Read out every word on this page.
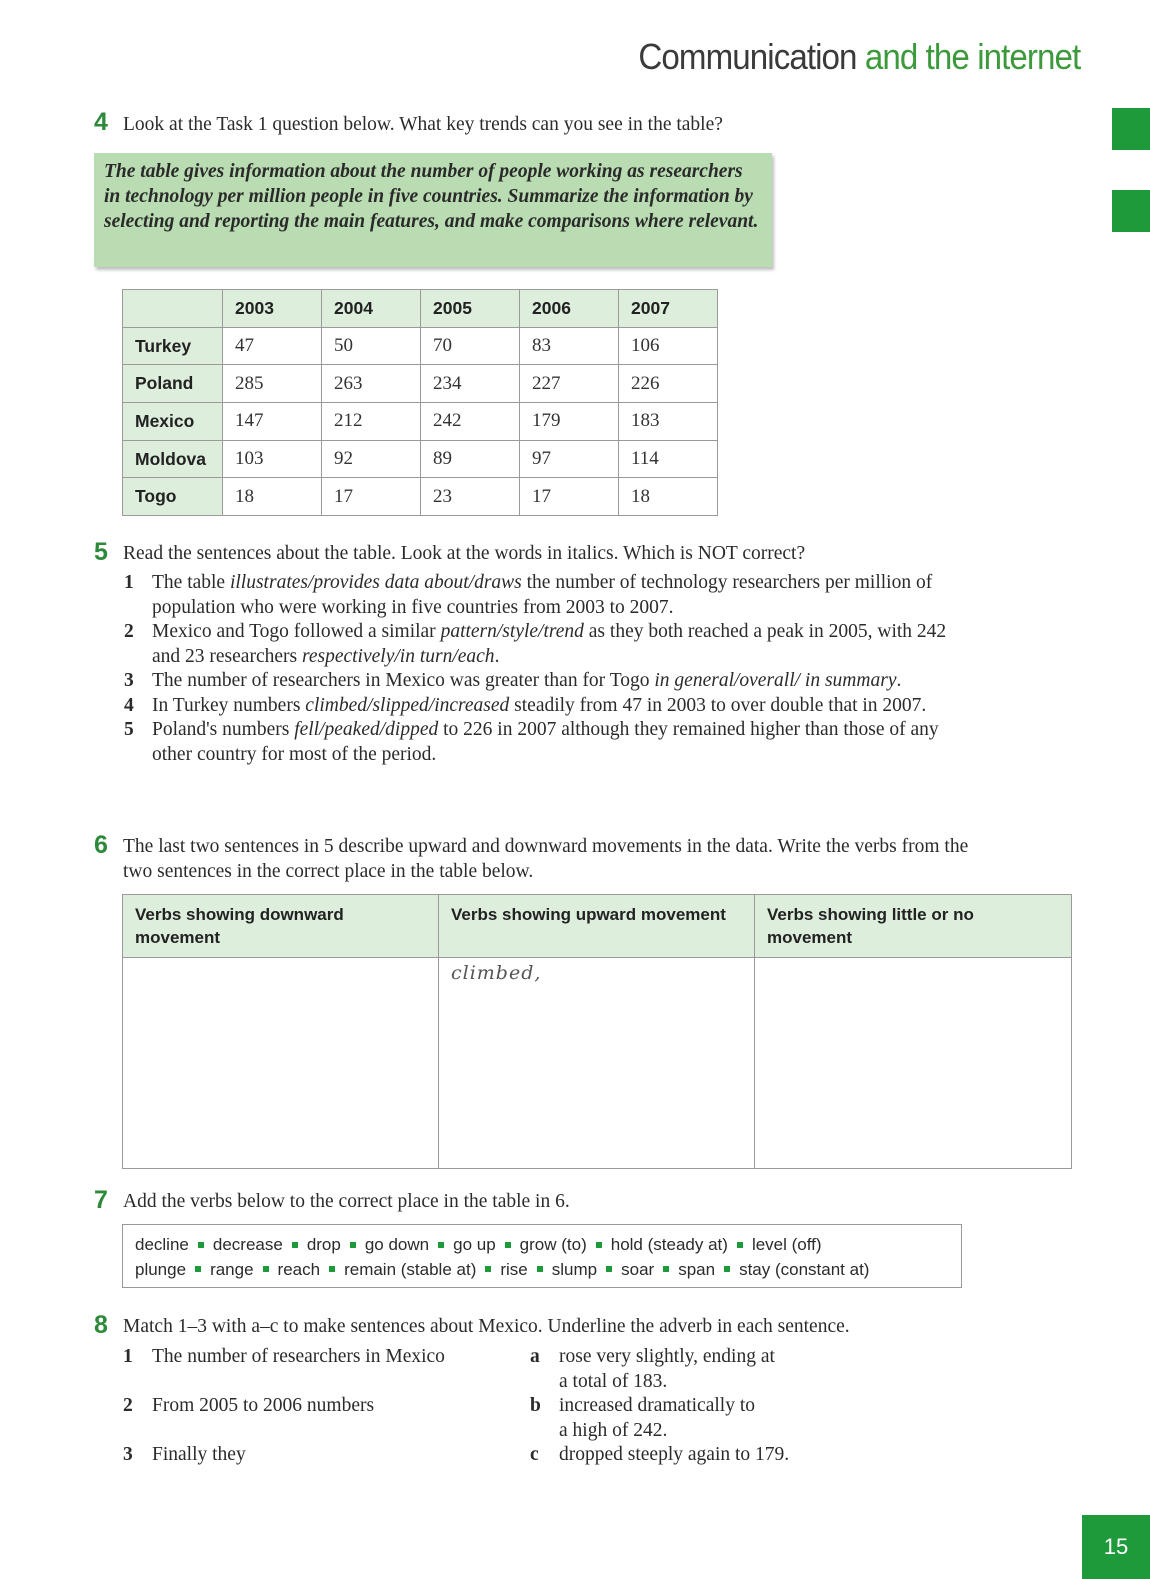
Communication and the internet
4 Look at the Task 1 question below. What key trends can you see in the table?
The table gives information about the number of people working as researchers in technology per million people in five countries. Summarize the information by selecting and reporting the main features, and make comparisons where relevant.
	2003	2004	2005	2006	2007
Turkey	47	50	70	83	106
Poland	285	263	234	227	226
Mexico	147	212	242	179	183
Moldova	103	92	89	97	114
Togo	18	17	23	17	18
5 Read the sentences about the table. Look at the words in italics. Which is NOT correct?
1 The table illustrates/provides data about/draws the number of technology researchers per million of population who were working in five countries from 2003 to 2007.
2 Mexico and Togo followed a similar pattern/style/trend as they both reached a peak in 2005, with 242 and 23 researchers respectively/in turn/each.
3 The number of researchers in Mexico was greater than for Togo in general/overall/ in summary.
4 In Turkey numbers climbed/slipped/increased steadily from 47 in 2003 to over double that in 2007.
5 Poland's numbers fell/peaked/dipped to 226 in 2007 although they remained higher than those of any other country for most of the period.
6 The last two sentences in 5 describe upward and downward movements in the data. Write the verbs from the two sentences in the correct place in the table below.
Verbs showing downward movement	Verbs showing upward movement	Verbs showing little or no movement
	climbed,	
7 Add the verbs below to the correct place in the table in 6.
decline decrease drop go down go up grow (to) hold (steady at) level (off)
plunge range reach remain (stable at) rise slump soar span stay (constant at)
8 Match 1–3 with a–c to make sentences about Mexico. Underline the adverb in each sentence.
1 The number of researchers in Mexico
2 From 2005 to 2006 numbers
3 Finally they
a rose very slightly, ending at
a total of 183.
b increased dramatically to
a high of 242.
c dropped steeply again to 179.
15
